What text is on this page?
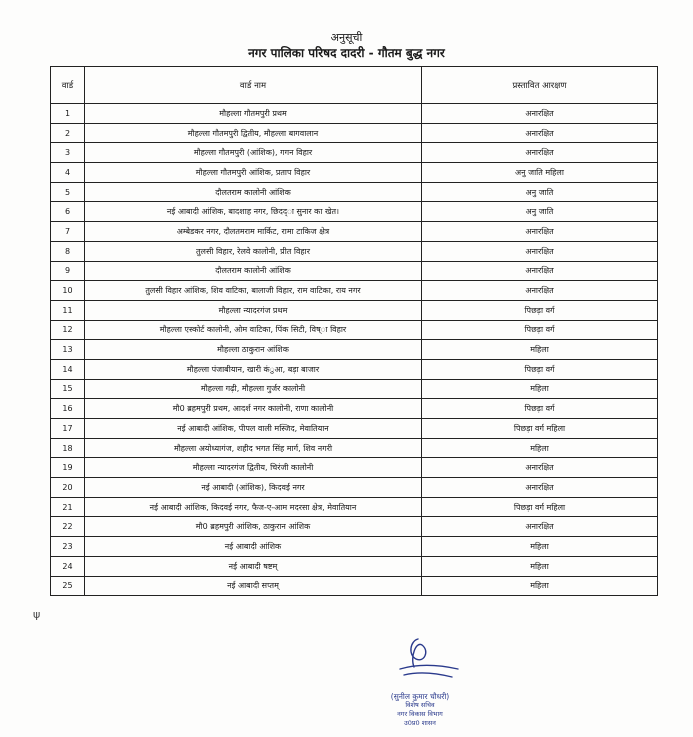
अनुसूची
नगर पालिका परिषद दादरी - गौतम बुद्ध नगर
वार्ड	वार्ड नाम	प्रस्तावित आरक्षण
1	मौहल्ला गौतमपुरी प्रथम	अनारक्षित
2	मौहल्ला गौतमपुरी द्वितीय, मौहल्ला बागवालान	अनारक्षित
3	मौहल्ला गौतमपुरी (आंशिक), गगन विहार	अनारक्षित
4	मौहल्ला गौतमपुरी आंशिक, प्रताप विहार	अनु जाति महिला
5	दौलतराम कालोनी आंशिक	अनु जाति
6	नई आबादी आंशिक, बादशाह नगर, छिदद्ा सुनार का खेत।	अनु जाति
7	अम्बेडकर नगर, दौलतमराम मार्किट, रामा टाकिज क्षेत्र	अनारक्षित
8	तुलसी विहार, रेलवे कालोनी, प्रीत विहार	अनारक्षित
9	दौलतराम कालोनी आंशिक	अनारक्षित
10	तुलसी विहार आंशिक, शिव वाटिका, बालाजी विहार, राम वाटिका, राय नगर	अनारक्षित
11	मौहल्ला न्यादरगंज प्रथम	पिछड़ा वर्ग
12	मौहल्ला एस्कोर्ट कालोनी, ओम वाटिका, पिंक सिटी, विष्ा विहार	पिछड़ा वर्ग
13	मौहल्ला ठाकुरान आंशिक	महिला
14	मौहल्ला पंजाबीयान, खारी कंुआ, बड़ा बाजार	पिछड़ा वर्ग
15	मौहल्ला गढ़ी, मौहल्ला गुर्जर कालोनी	महिला
16	मौ0 ब्रहमपुरी प्रथम, आदर्श नगर कालोनी, राणा कालोनी	पिछड़ा वर्ग
17	नई आबादी आंशिक, पीपल वाली मस्जिद, मेवातियान	पिछड़ा वर्ग महिला
18	मौहल्ला अयोध्यागंज, शहीद भगत सिंह मार्ग, शिव नगरी	महिला
19	मौहल्ला न्यादरगंज द्वितीय, चिरंजी कालोनी	अनारक्षित
20	नई आबादी (आंशिक), किदवई नगर	अनारक्षित
21	नई आबादी आंशिक, किदवई नगर, फैज-ए-आम मदरसा क्षेत्र, मेवातियान	पिछड़ा वर्ग महिला
22	मौ0 ब्रहमपुरी आंशिक, ठाकुरान आंशिक	अनारक्षित
23	नई आबादी आंशिक	महिला
24	नई आबादी षष्टम्	महिला
25	नई आबादी सप्तम्	महिला
ψ
(सुनील कुमार चौधरी)
विशेष सचिव
नगर विकास विभाग
उ0प्र0 शासन
